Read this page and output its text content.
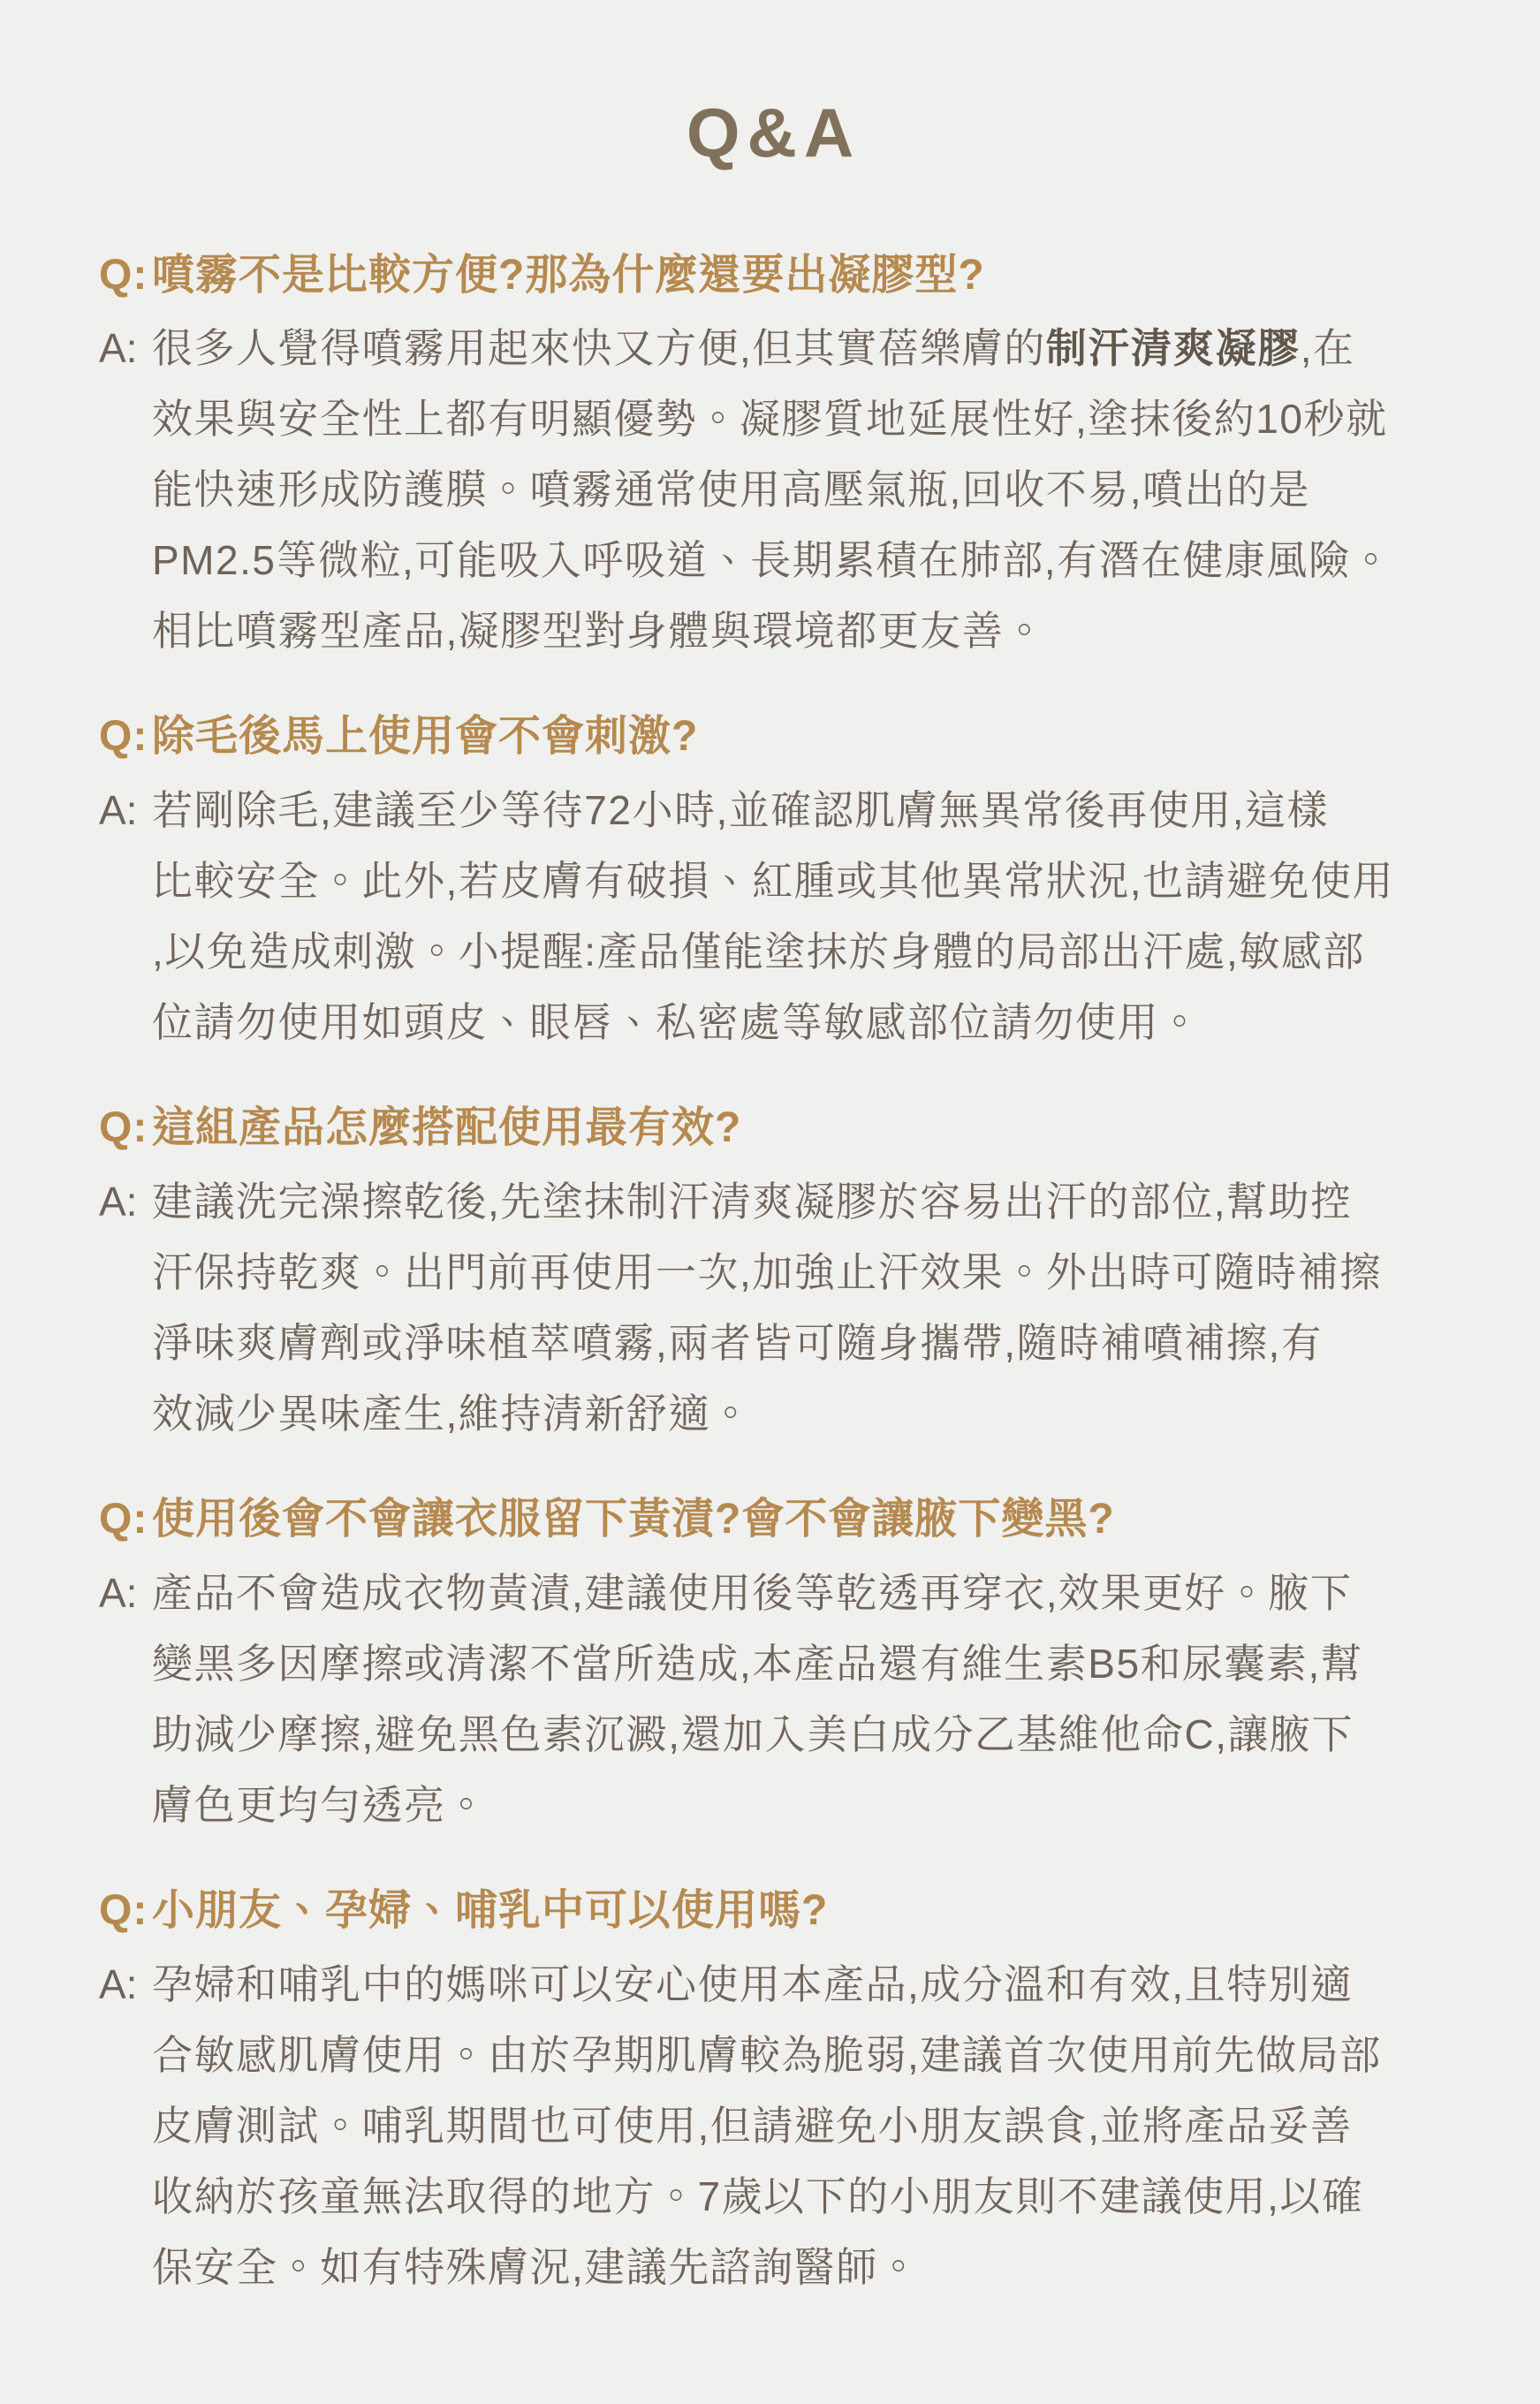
Q&A
Q: 噴霧不是比較方便?那為什麼還要出凝膠型?
A: 很多人覺得噴霧用起來快又方便,但其實蓓樂膚的制汗清爽凝膠,在
效果與安全性上都有明顯優勢。凝膠質地延展性好,塗抹後約10秒就
能快速形成防護膜。噴霧通常使用高壓氣瓶,回收不易,噴出的是
PM2.5等微粒,可能吸入呼吸道、長期累積在肺部,有潛在健康風險。
相比噴霧型產品,凝膠型對身體與環境都更友善。
Q: 除毛後馬上使用會不會刺激?
A: 若剛除毛,建議至少等待72小時,並確認肌膚無異常後再使用,這樣
比較安全。此外,若皮膚有破損、紅腫或其他異常狀況,也請避免使用
,以免造成刺激。小提醒:產品僅能塗抹於身體的局部出汗處,敏感部
位請勿使用如頭皮、眼唇、私密處等敏感部位請勿使用。
Q: 這組產品怎麼搭配使用最有效?
A: 建議洗完澡擦乾後,先塗抹制汗清爽凝膠於容易出汗的部位,幫助控
汗保持乾爽。出門前再使用一次,加強止汗效果。外出時可隨時補擦
淨味爽膚劑或淨味植萃噴霧,兩者皆可隨身攜帶,隨時補噴補擦,有
效減少異味產生,維持清新舒適。
Q: 使用後會不會讓衣服留下黃漬?會不會讓腋下變黑?
A: 產品不會造成衣物黃漬,建議使用後等乾透再穿衣,效果更好。腋下
變黑多因摩擦或清潔不當所造成,本產品還有維生素B5和尿囊素,幫
助減少摩擦,避免黑色素沉澱,還加入美白成分乙基維他命C,讓腋下
膚色更均勻透亮。
Q: 小朋友、孕婦、哺乳中可以使用嗎?
A: 孕婦和哺乳中的媽咪可以安心使用本產品,成分溫和有效,且特別適
合敏感肌膚使用。由於孕期肌膚較為脆弱,建議首次使用前先做局部
皮膚測試。哺乳期間也可使用,但請避免小朋友誤食,並將產品妥善
收納於孩童無法取得的地方。7歲以下的小朋友則不建議使用,以確
保安全。如有特殊膚況,建議先諮詢醫師。
